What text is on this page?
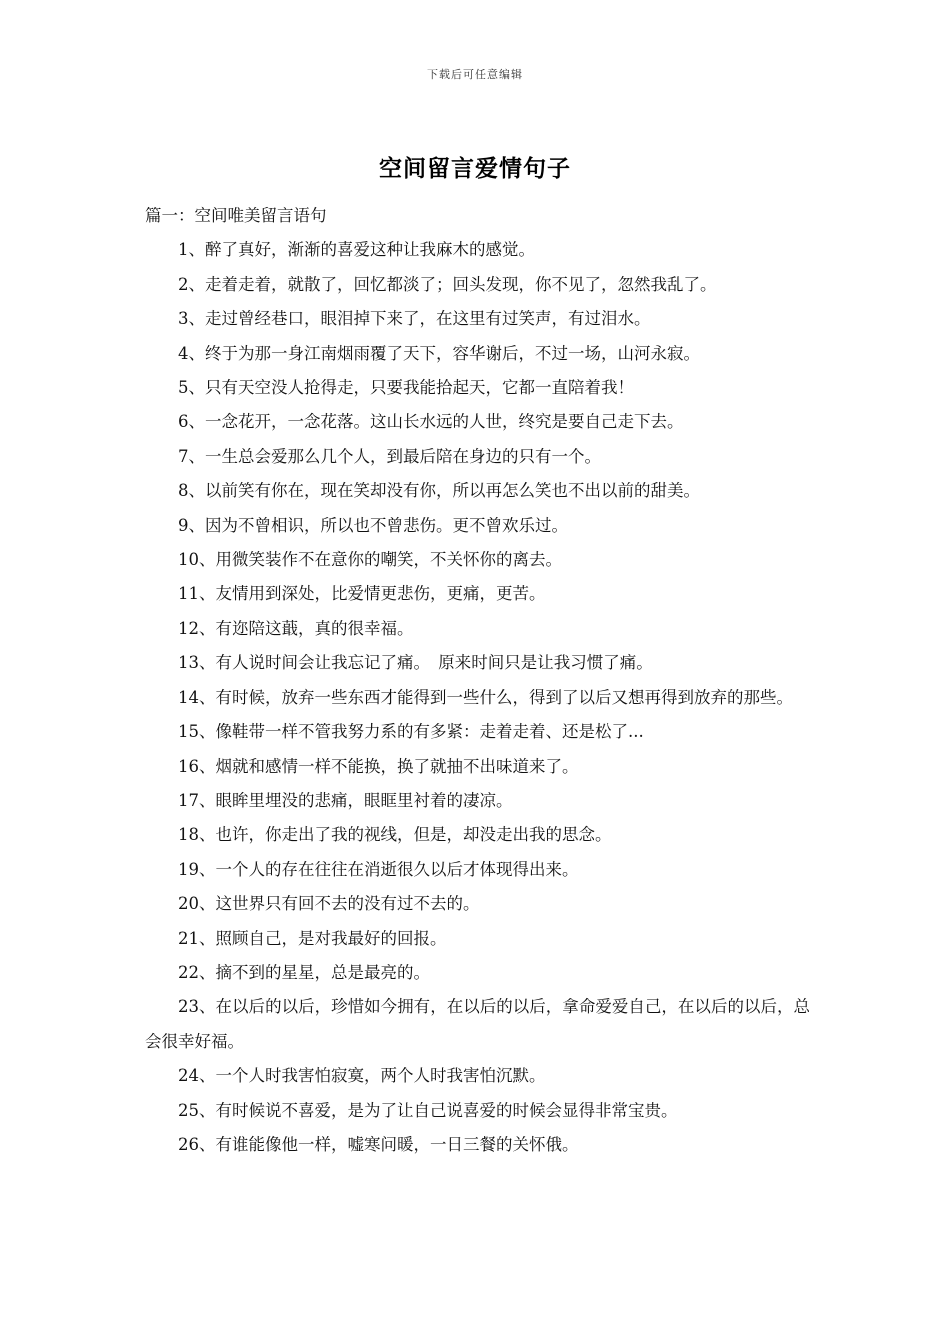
下载后可任意编辑
空间留言爱情句子

篇一：空间唯美留言语句

1、醉了真好，渐渐的喜爱这种让我麻木的感觉。
2、走着走着，就散了，回忆都淡了；回头发现，你不见了，忽然我乱了。
3、走过曾经巷口，眼泪掉下来了，在这里有过笑声，有过泪水。
4、终于为那一身江南烟雨覆了天下，容华谢后，不过一场，山河永寂。
5、只有天空没人抢得走，只要我能拾起天，它都一直陪着我！
6、一念花开，一念花落。这山长水远的人世，终究是要自己走下去。
7、一生总会爱那么几个人，到最后陪在身边的只有一个。
8、以前笑有你在，现在笑却没有你，所以再怎么笑也不出以前的甜美。
9、因为不曾相识，所以也不曾悲伤。更不曾欢乐过。
10、用微笑装作不在意你的嘲笑，不关怀你的离去。
11、友情用到深处，比爱情更悲伤，更痛，更苦。
12、有迩陪这蕺，真的很幸福。
13、有人说时间会让我忘记了痛。　原来时间只是让我习惯了痛。
14、有时候，放弃一些东西才能得到一些什么，得到了以后又想再得到放弃的那些。
15、像鞋带一样不管我努力系的有多紧：走着走着、还是松了...
16、烟就和感情一样不能换，换了就抽不出味道来了。
17、眼眸里埋没的悲痛，眼眶里衬着的凄凉。
18、也许，你走出了我的视线，但是，却没走出我的思念。
19、一个人的存在往往在消逝很久以后才体现得出来。
20、这世界只有回不去的没有过不去的。
21、照顾自己，是对我最好的回报。
22、摘不到的星星，总是最亮的。
23、在以后的以后，珍惜如今拥有，在以后的以后，拿命爱爱自己，在以后的以后，总会很幸好福。
24、一个人时我害怕寂寞，两个人时我害怕沉默。
25、有时候说不喜爱，是为了让自己说喜爱的时候会显得非常宝贵。
26、有谁能像他一样，嘘寒问暖，一日三餐的关怀俄。
